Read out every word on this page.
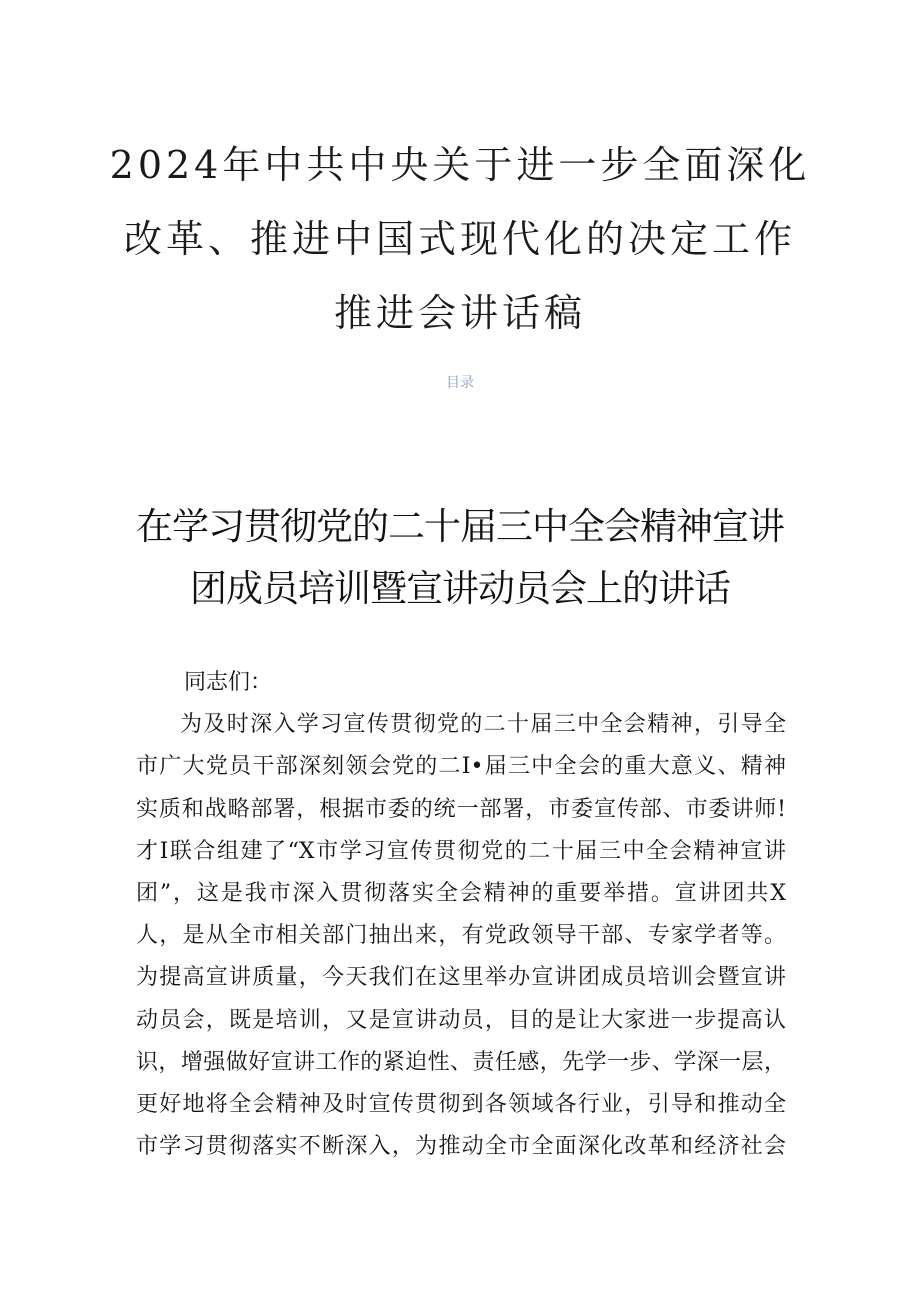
2024年中共中央关于进一步全面深化
改革、推进中国式现代化的决定工作
推进会讲话稿
目录
在学习贯彻党的二十届三中全会精神宣讲
团成员培训暨宣讲动员会上的讲话
同志们：
为及时深入学习宣传贯彻党的二十届三中全会精神，引导全
市广大党员干部深刻领会党的二I•届三中全会的重大意义、精神
实质和战略部署，根据市委的统一部署，市委宣传部、市委讲师!
才I联合组建了“X市学习宣传贯彻党的二十届三中全会精神宣讲
团”，这是我市深入贯彻落实全会精神的重要举措。宣讲团共X
人，是从全市相关部门抽出来，有党政领导干部、专家学者等。
为提高宣讲质量，今天我们在这里举办宣讲团成员培训会暨宣讲
动员会，既是培训，又是宣讲动员，目的是让大家进一步提高认
识，增强做好宣讲工作的紧迫性、责任感，先学一步、学深一层，
更好地将全会精神及时宣传贯彻到各领域各行业，引导和推动全
市学习贯彻落实不断深入，为推动全市全面深化改革和经济社会
